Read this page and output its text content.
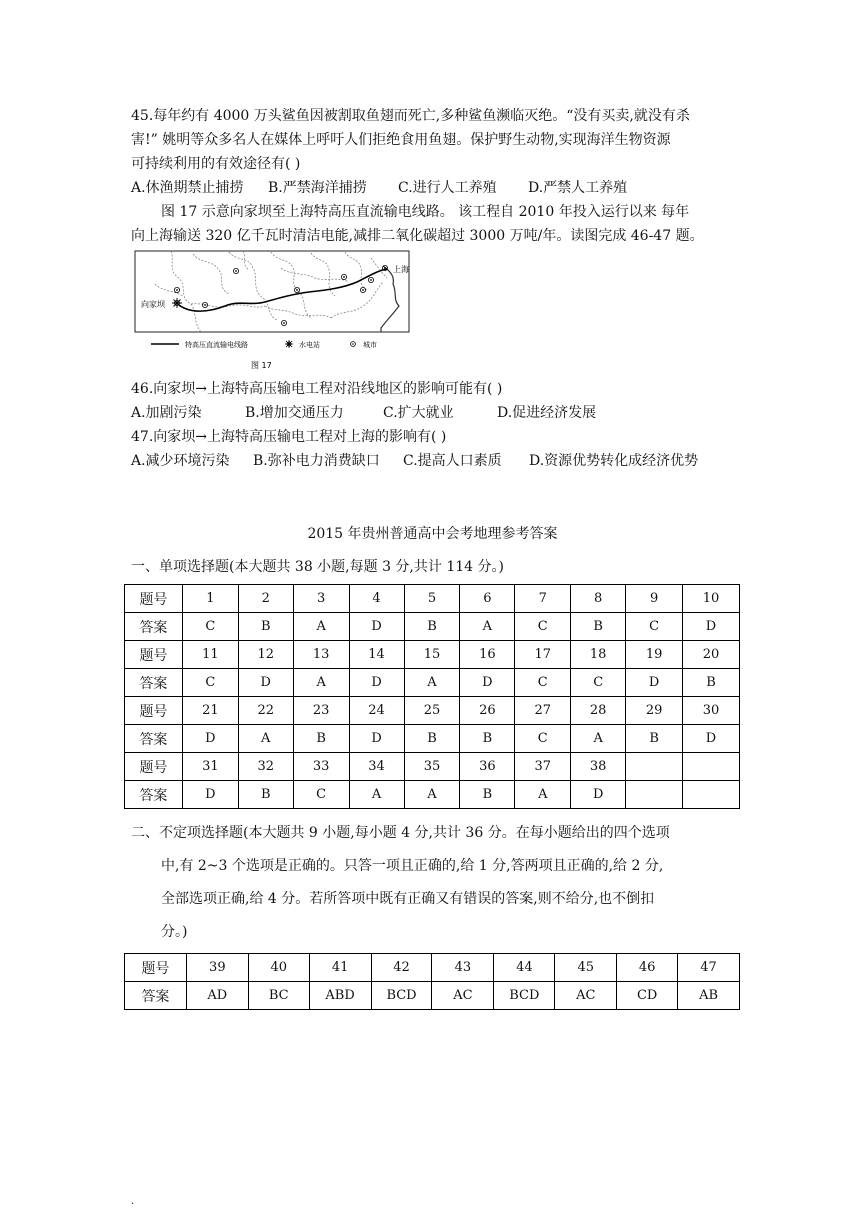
45.每年约有 4000 万头鲨鱼因被割取鱼翅而死亡,多种鲨鱼濒临灭绝。“没有买卖,就没有杀
害!” 姚明等众多名人在媒体上呼吁人们拒绝食用鱼翅。保护野生动物,实现海洋生物资源
可持续利用的有效途径有( )
A.休渔期禁止捕捞 B.严禁海洋捕捞 C.进行人工养殖 D.严禁人工养殖
图 17 示意向家坝至上海特高压直流输电线路。 该工程自 2010 年投入运行以来 每年
向上海输送 320 亿千瓦时清洁电能,减排二氧化碳超过 3000 万吨/年。读图完成 46-47 题。
向家坝
上海
特高压直流输电线路	水电站	城市
图 17
46.向家坝→上海特高压输电工程对沿线地区的影响可能有( )
A.加剧污染	B.增加交通压力	C.扩大就业	D.促进经济发展
47.向家坝→上海特高压输电工程对上海的影响有( )
A.减少环境污染 B.弥补电力消费缺口 C.提高人口素质 D.资源优势转化成经济优势
2015 年贵州普通高中会考地理参考答案
一、单项选择题(本大题共 38 小题,每题 3 分,共计 114 分。)
题号	1	2	3	4	5	6	7	8	9	10
答案	C	B	A	D	B	A	C	B	C	D
题号	11	12	13	14	15	16	17	18	19	20
答案	C	D	A	D	A	D	C	C	D	B
题号	21	22	23	24	25	26	27	28	29	30
答案	D	A	B	D	B	B	C	A	B	D
题号	31	32	33	34	35	36	37	38		
答案	D	B	C	A	A	B	A	D		
二、不定项选择题(本大题共 9 小题,每小题 4 分,共计 36 分。在每小题给出的四个选项
中,有 2~3 个选项是正确的。只答一项且正确的,给 1 分,答两项且正确的,给 2 分,
全部选项正确,给 4 分。若所答项中既有正确又有错误的答案,则不给分,也不倒扣
分。)
题号	39	40	41	42	43	44	45	46	47
答案	AD	BC	ABD	BCD	AC	BCD	AC	CD	AB
.
